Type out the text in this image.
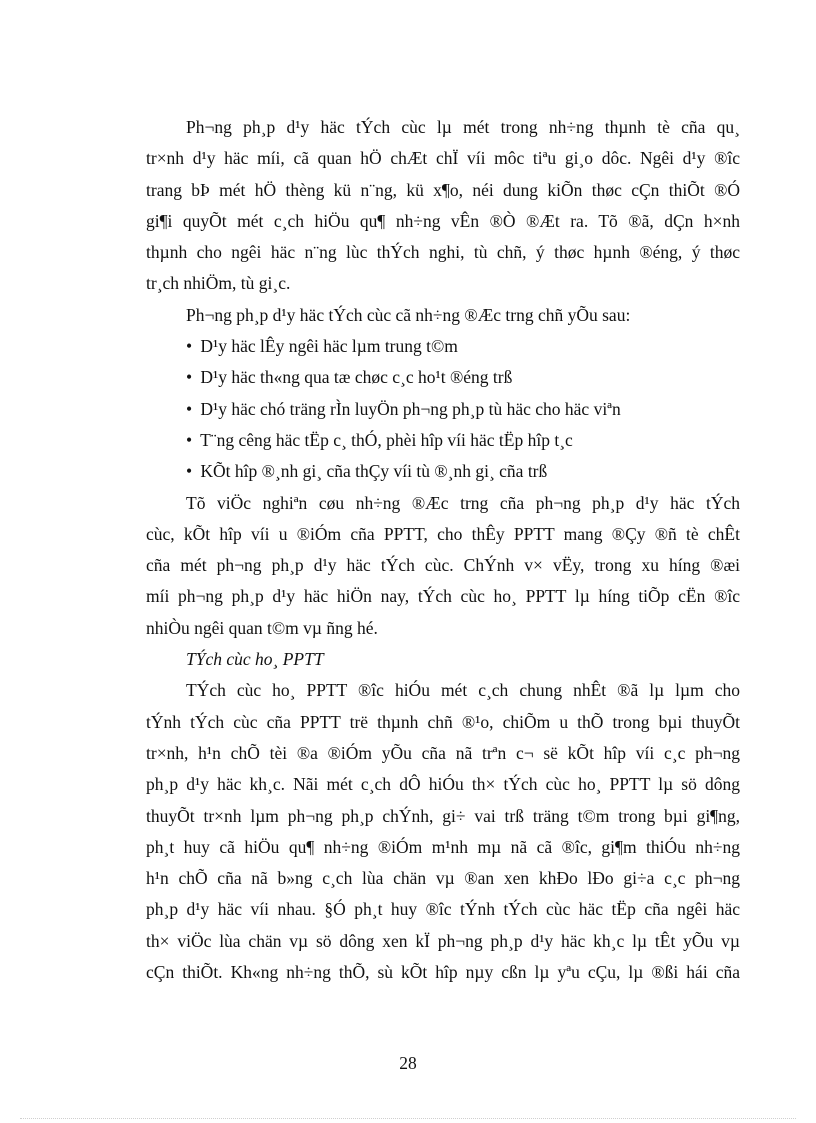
Ph¬ng ph¸p d¹y häc tÝch cùc lµ mét trong nh÷ng thµnh tè cña qu¸
tr×nh d¹y häc míi, cã quan hÖ chÆt chÏ víi môc tiªu gi¸o dôc. Ngêi d¹y ®îc
trang bÞ mét hÖ thèng kü n¨ng, kü x¶o, néi dung kiÕn thøc cÇn thiÕt ®Ó
gi¶i quyÕt mét c¸ch hiÖu qu¶ nh÷ng vÊn ®Ò ®Æt ra. Tõ ®ã, dÇn h×nh
thµnh cho ngêi häc n¨ng lùc thÝch nghi, tù chñ, ý thøc hµnh ®éng, ý thøc
tr¸ch nhiÖm, tù gi¸c.
Ph¬ng ph¸p d¹y häc tÝch cùc cã nh÷ng ®Æc trng chñ yÕu sau:
• D¹y häc lÊy ngêi häc lµm trung t©m
• D¹y häc th«ng qua tæ chøc c¸c ho¹t ®éng trß
• D¹y häc chó träng rÌn luyÖn ph¬ng ph¸p tù häc cho häc viªn
• T¨ng cêng häc tËp c¸ thÓ, phèi hîp víi häc tËp hîp t¸c
• KÕt hîp ®¸nh gi¸ cña thÇy víi tù ®¸nh gi¸ cña trß
Tõ viÖc nghiªn cøu nh÷ng ®Æc trng cña ph¬ng ph¸p d¹y häc tÝch
cùc, kÕt hîp víi u ®iÓm cña PPTT, cho thÊy PPTT mang ®Çy ®ñ tè chÊt
cña mét ph¬ng ph¸p d¹y häc tÝch cùc. ChÝnh v× vËy, trong xu híng ®æi
míi ph¬ng ph¸p d¹y häc hiÖn nay, tÝch cùc ho¸ PPTT lµ híng tiÕp cËn ®îc
nhiÒu ngêi quan t©m vµ ñng hé.
TÝch cùc ho¸ PPTT
TÝch cùc ho¸ PPTT ®îc hiÓu mét c¸ch chung nhÊt ®ã lµ lµm cho
tÝnh tÝch cùc cña PPTT trë thµnh chñ ®¹o, chiÕm u thÕ trong bµi thuyÕt
tr×nh, h¹n chÕ tèi ®a ®iÓm yÕu cña nã trªn c¬ së kÕt hîp víi c¸c ph¬ng
ph¸p d¹y häc kh¸c. Nãi mét c¸ch dÔ hiÓu th× tÝch cùc ho¸ PPTT lµ sö dông
thuyÕt tr×nh lµm ph¬ng ph¸p chÝnh, gi÷ vai trß träng t©m trong bµi gi¶ng,
ph¸t huy cã hiÖu qu¶ nh÷ng ®iÓm m¹nh mµ nã cã ®îc, gi¶m thiÓu nh÷ng
h¹n chÕ cña nã b»ng c¸ch lùa chän vµ ®an xen khÐo lÐo gi÷a c¸c ph¬ng
ph¸p d¹y häc víi nhau. §Ó ph¸t huy ®îc tÝnh tÝch cùc häc tËp cña ngêi häc
th× viÖc lùa chän vµ sö dông xen kÏ ph¬ng ph¸p d¹y häc kh¸c lµ tÊt yÕu vµ
cÇn thiÕt. Kh«ng nh÷ng thÕ, sù kÕt hîp nµy cßn lµ yªu cÇu, lµ ®ßi hái cña
28
